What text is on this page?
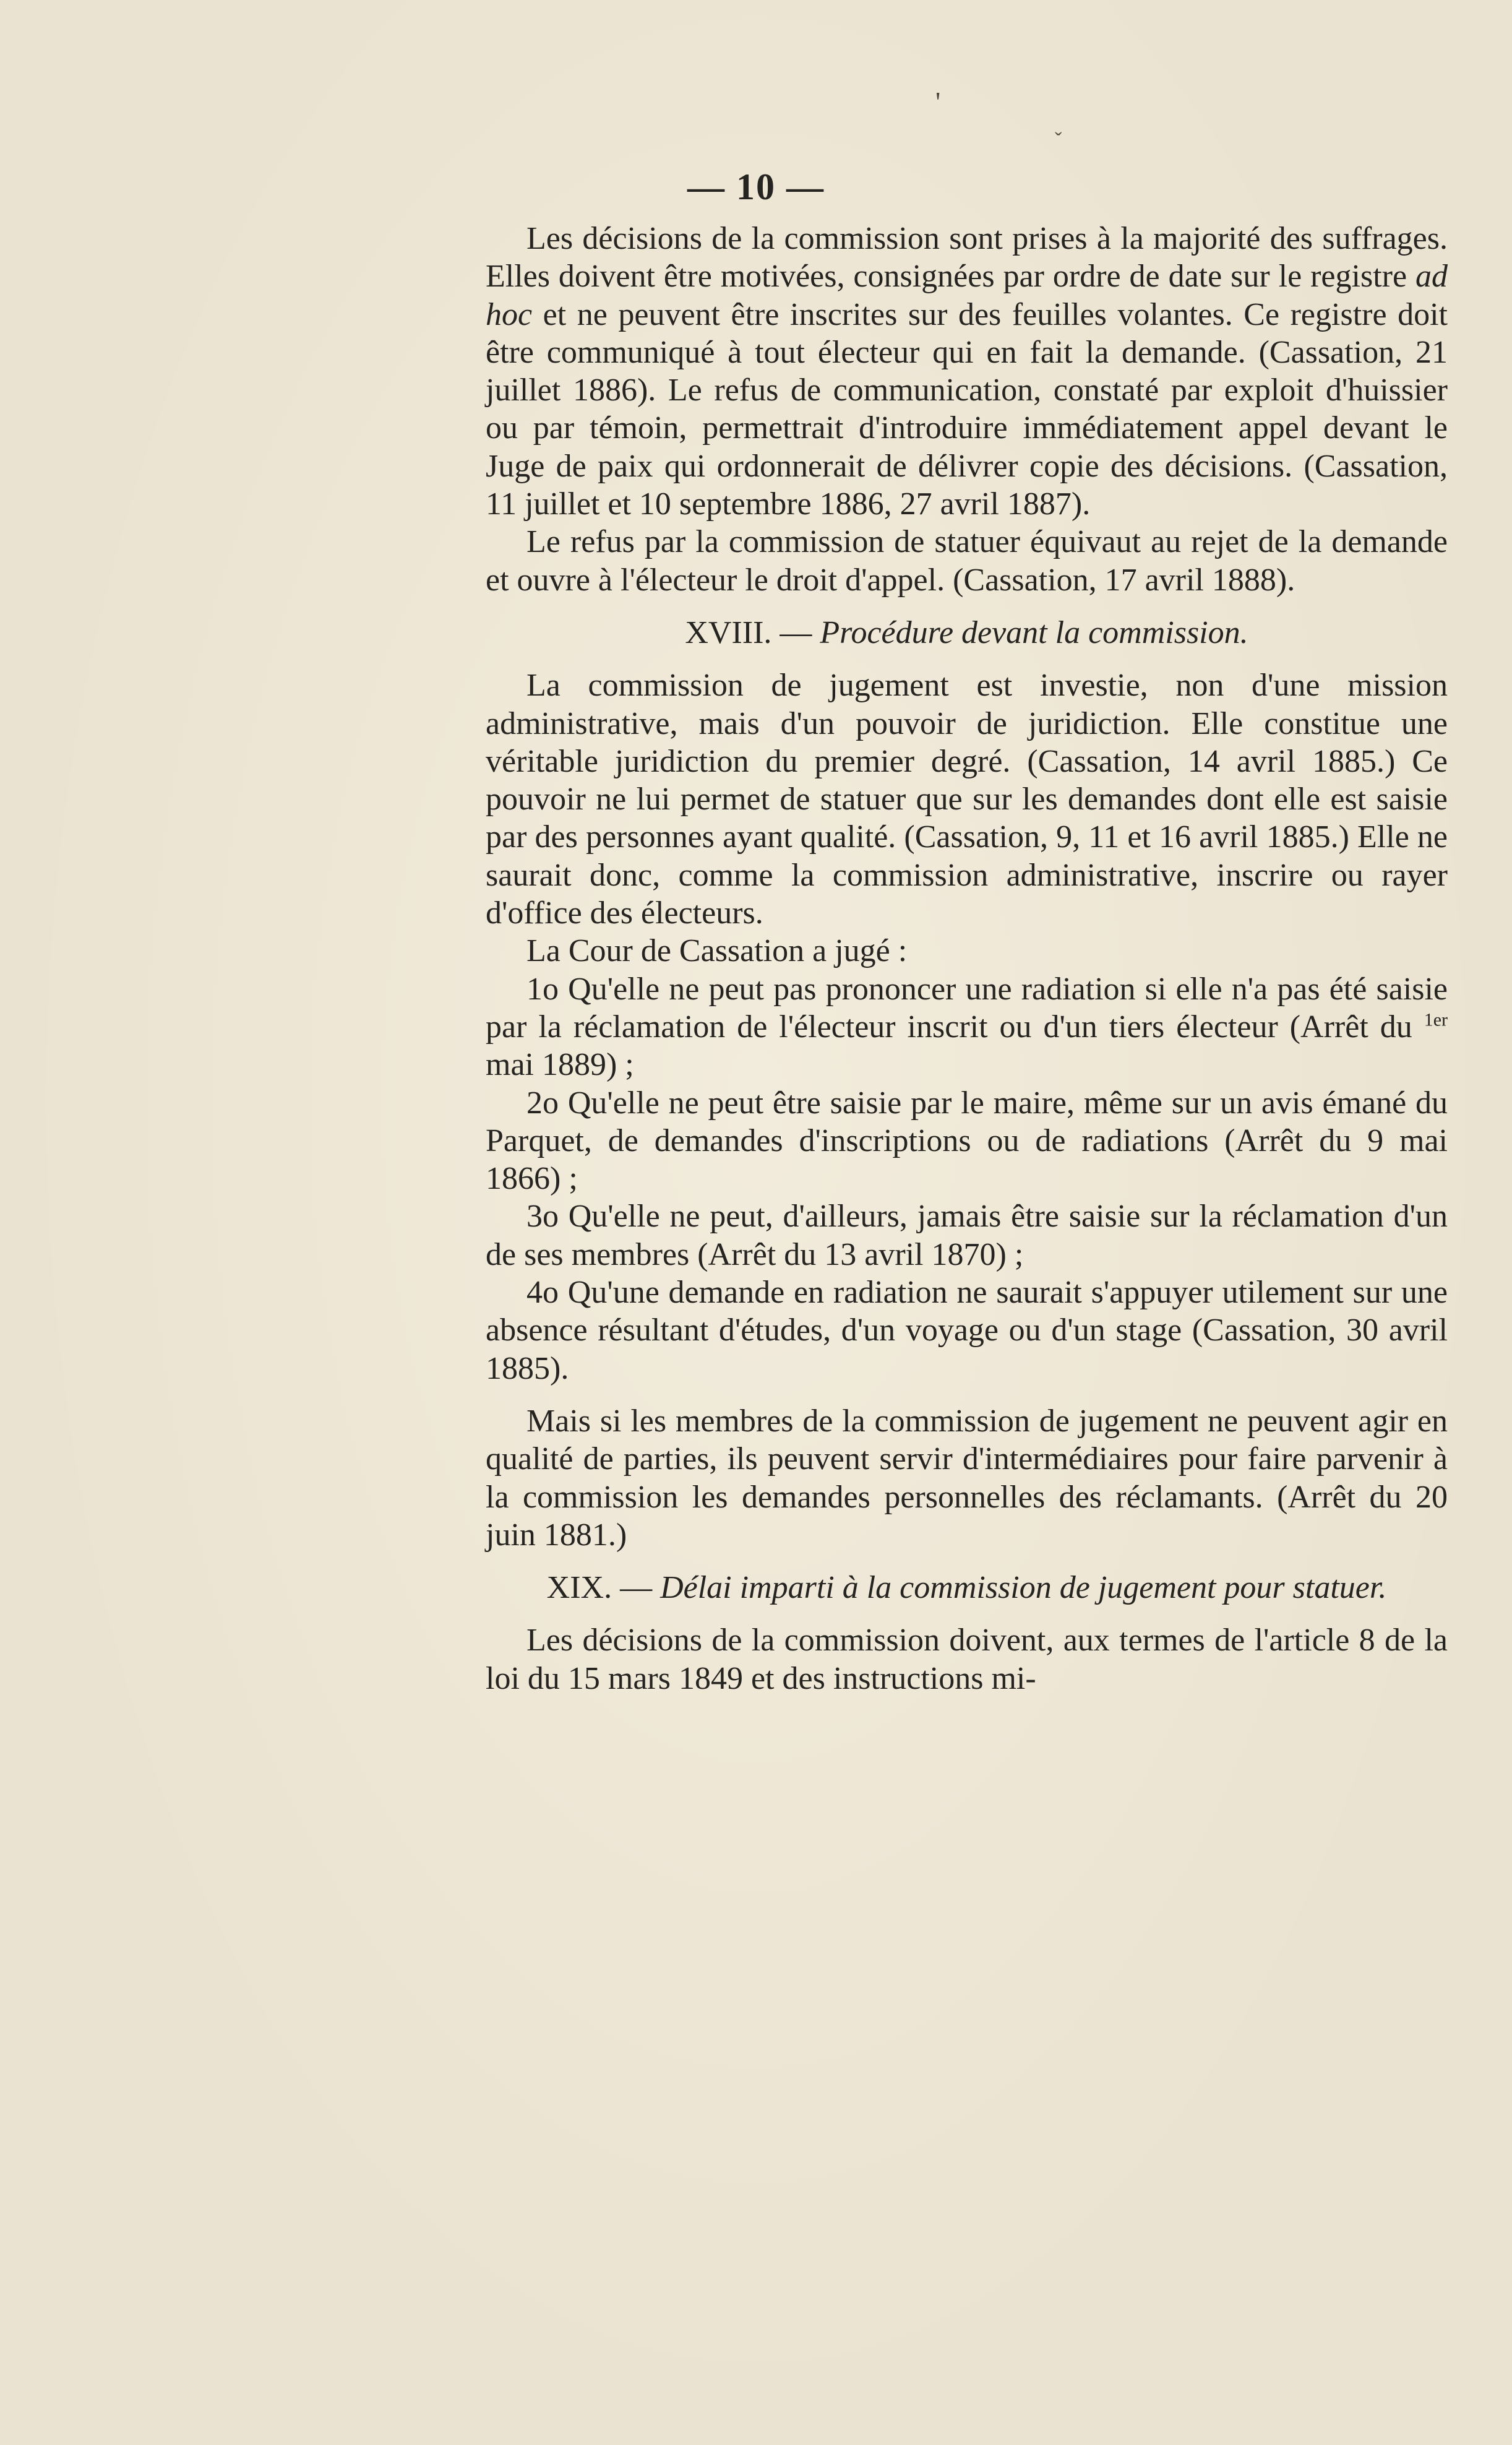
'
ˇ
— 10 —

Les décisions de la commission sont prises à la majorité des suffrages. Elles doivent être motivées, consignées par ordre de date sur le registre ad hoc et ne peuvent être inscrites sur des feuilles volantes. Ce registre doit être communiqué à tout électeur qui en fait la demande. (Cassation, 21 juillet 1886). Le refus de communication, constaté par exploit d'huissier ou par témoin, permettrait d'introduire immédiatement appel devant le Juge de paix qui ordonnerait de délivrer copie des décisions. (Cassation, 11 juillet et 10 septembre 1886, 27 avril 1887).

Le refus par la commission de statuer équivaut au rejet de la demande et ouvre à l'électeur le droit d'appel. (Cassation, 17 avril 1888).

XVIII. — Procédure devant la commission.

La commission de jugement est investie, non d'une mission administrative, mais d'un pouvoir de juridiction. Elle constitue une véritable juridiction du premier degré. (Cassation, 14 avril 1885.) Ce pouvoir ne lui permet de statuer que sur les demandes dont elle est saisie par des personnes ayant qualité. (Cassation, 9, 11 et 16 avril 1885.) Elle ne saurait donc, comme la commission administrative, inscrire ou rayer d'office des électeurs.

La Cour de Cassation a jugé :

1o Qu'elle ne peut pas prononcer une radiation si elle n'a pas été saisie par la réclamation de l'électeur inscrit ou d'un tiers électeur (Arrêt du $^{1er}$ mai 1889) ;

2o Qu'elle ne peut être saisie par le maire, même sur un avis émané du Parquet, de demandes d'inscriptions ou de radiations (Arrêt du 9 mai 1866) ;

3o Qu'elle ne peut, d'ailleurs, jamais être saisie sur la réclamation d'un de ses membres (Arrêt du 13 avril 1870) ;

4o Qu'une demande en radiation ne saurait s'appuyer utilement sur une absence résultant d'études, d'un voyage ou d'un stage (Cassation, 30 avril 1885).

Mais si les membres de la commission de jugement ne peuvent agir en qualité de parties, ils peuvent servir d'intermédiaires pour faire parvenir à la commission les demandes personnelles des réclamants. (Arrêt du 20 juin 1881.)

XIX. — Délai imparti à la commission de jugement pour statuer.

Les décisions de la commission doivent, aux termes de l'article 8 de la loi du 15 mars 1849 et des instructions mi-
